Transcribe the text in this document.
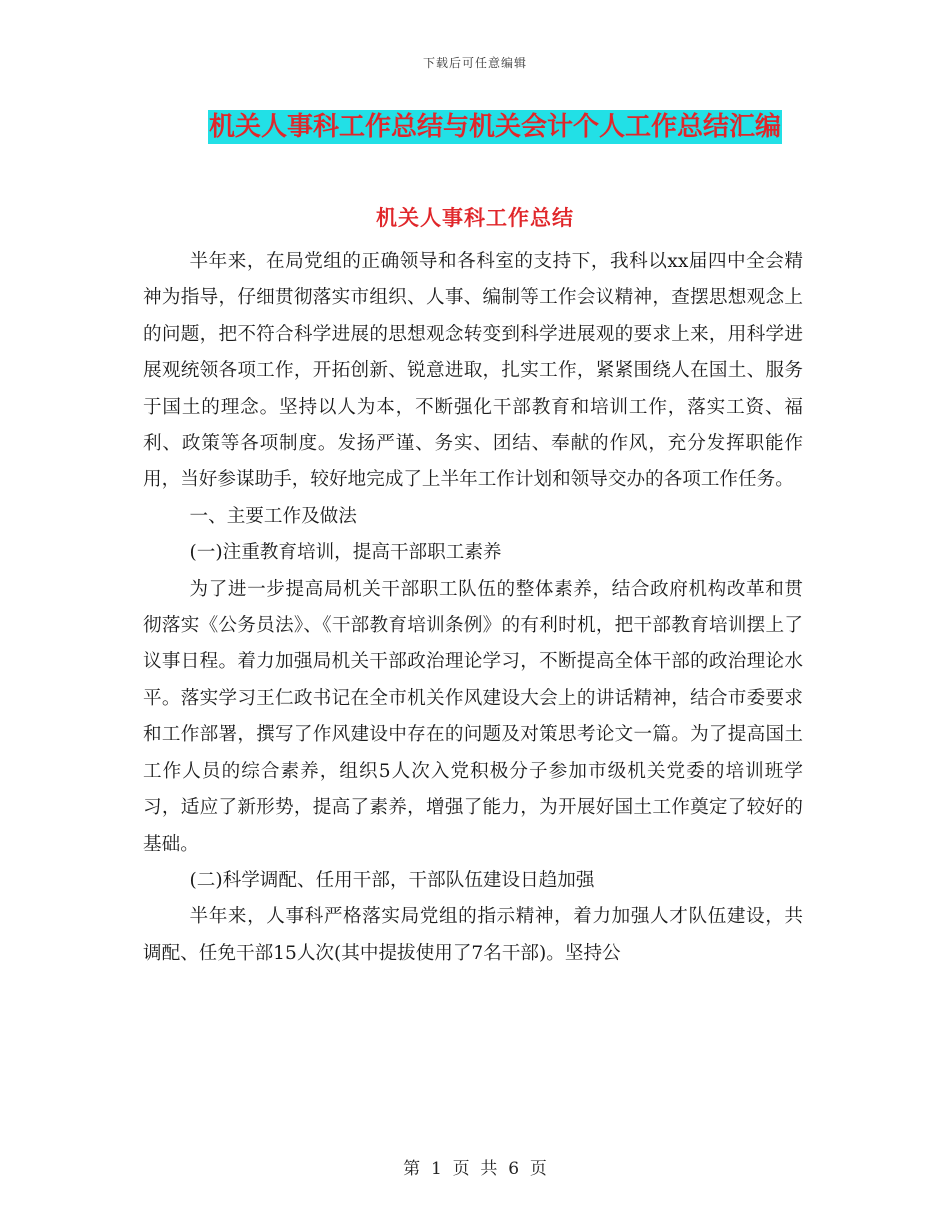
下载后可任意编辑
机关人事科工作总结与机关会计个人工作总结汇编
机关人事科工作总结

半年来，在局党组的正确领导和各科室的支持下，我科以xx届四中全会精神为指导，仔细贯彻落实市组织、人事、编制等工作会议精神，查摆思想观念上的问题，把不符合科学进展的思想观念转变到科学进展观的要求上来，用科学进展观统领各项工作，开拓创新、锐意进取，扎实工作，紧紧围绕人在国土、服务于国土的理念。坚持以人为本，不断强化干部教育和培训工作，落实工资、福利、政策等各项制度。发扬严谨、务实、团结、奉献的作风，充分发挥职能作用，当好参谋助手，较好地完成了上半年工作计划和领导交办的各项工作任务。

一、主要工作及做法

(一)注重教育培训，提高干部职工素养

为了进一步提高局机关干部职工队伍的整体素养，结合政府机构改革和贯彻落实《公务员法》、《干部教育培训条例》的有利时机，把干部教育培训摆上了议事日程。着力加强局机关干部政治理论学习，不断提高全体干部的政治理论水平。落实学习王仁政书记在全市机关作风建设大会上的讲话精神，结合市委要求和工作部署，撰写了作风建设中存在的问题及对策思考论文一篇。为了提高国土工作人员的综合素养，组织5人次入党积极分子参加市级机关党委的培训班学习，适应了新形势，提高了素养，增强了能力，为开展好国土工作奠定了较好的基础。

(二)科学调配、任用干部，干部队伍建设日趋加强

半年来，人事科严格落实局党组的指示精神，着力加强人才队伍建设，共调配、任免干部15人次(其中提拔使用了7名干部)。坚持公

第  1  页  共  6  页
